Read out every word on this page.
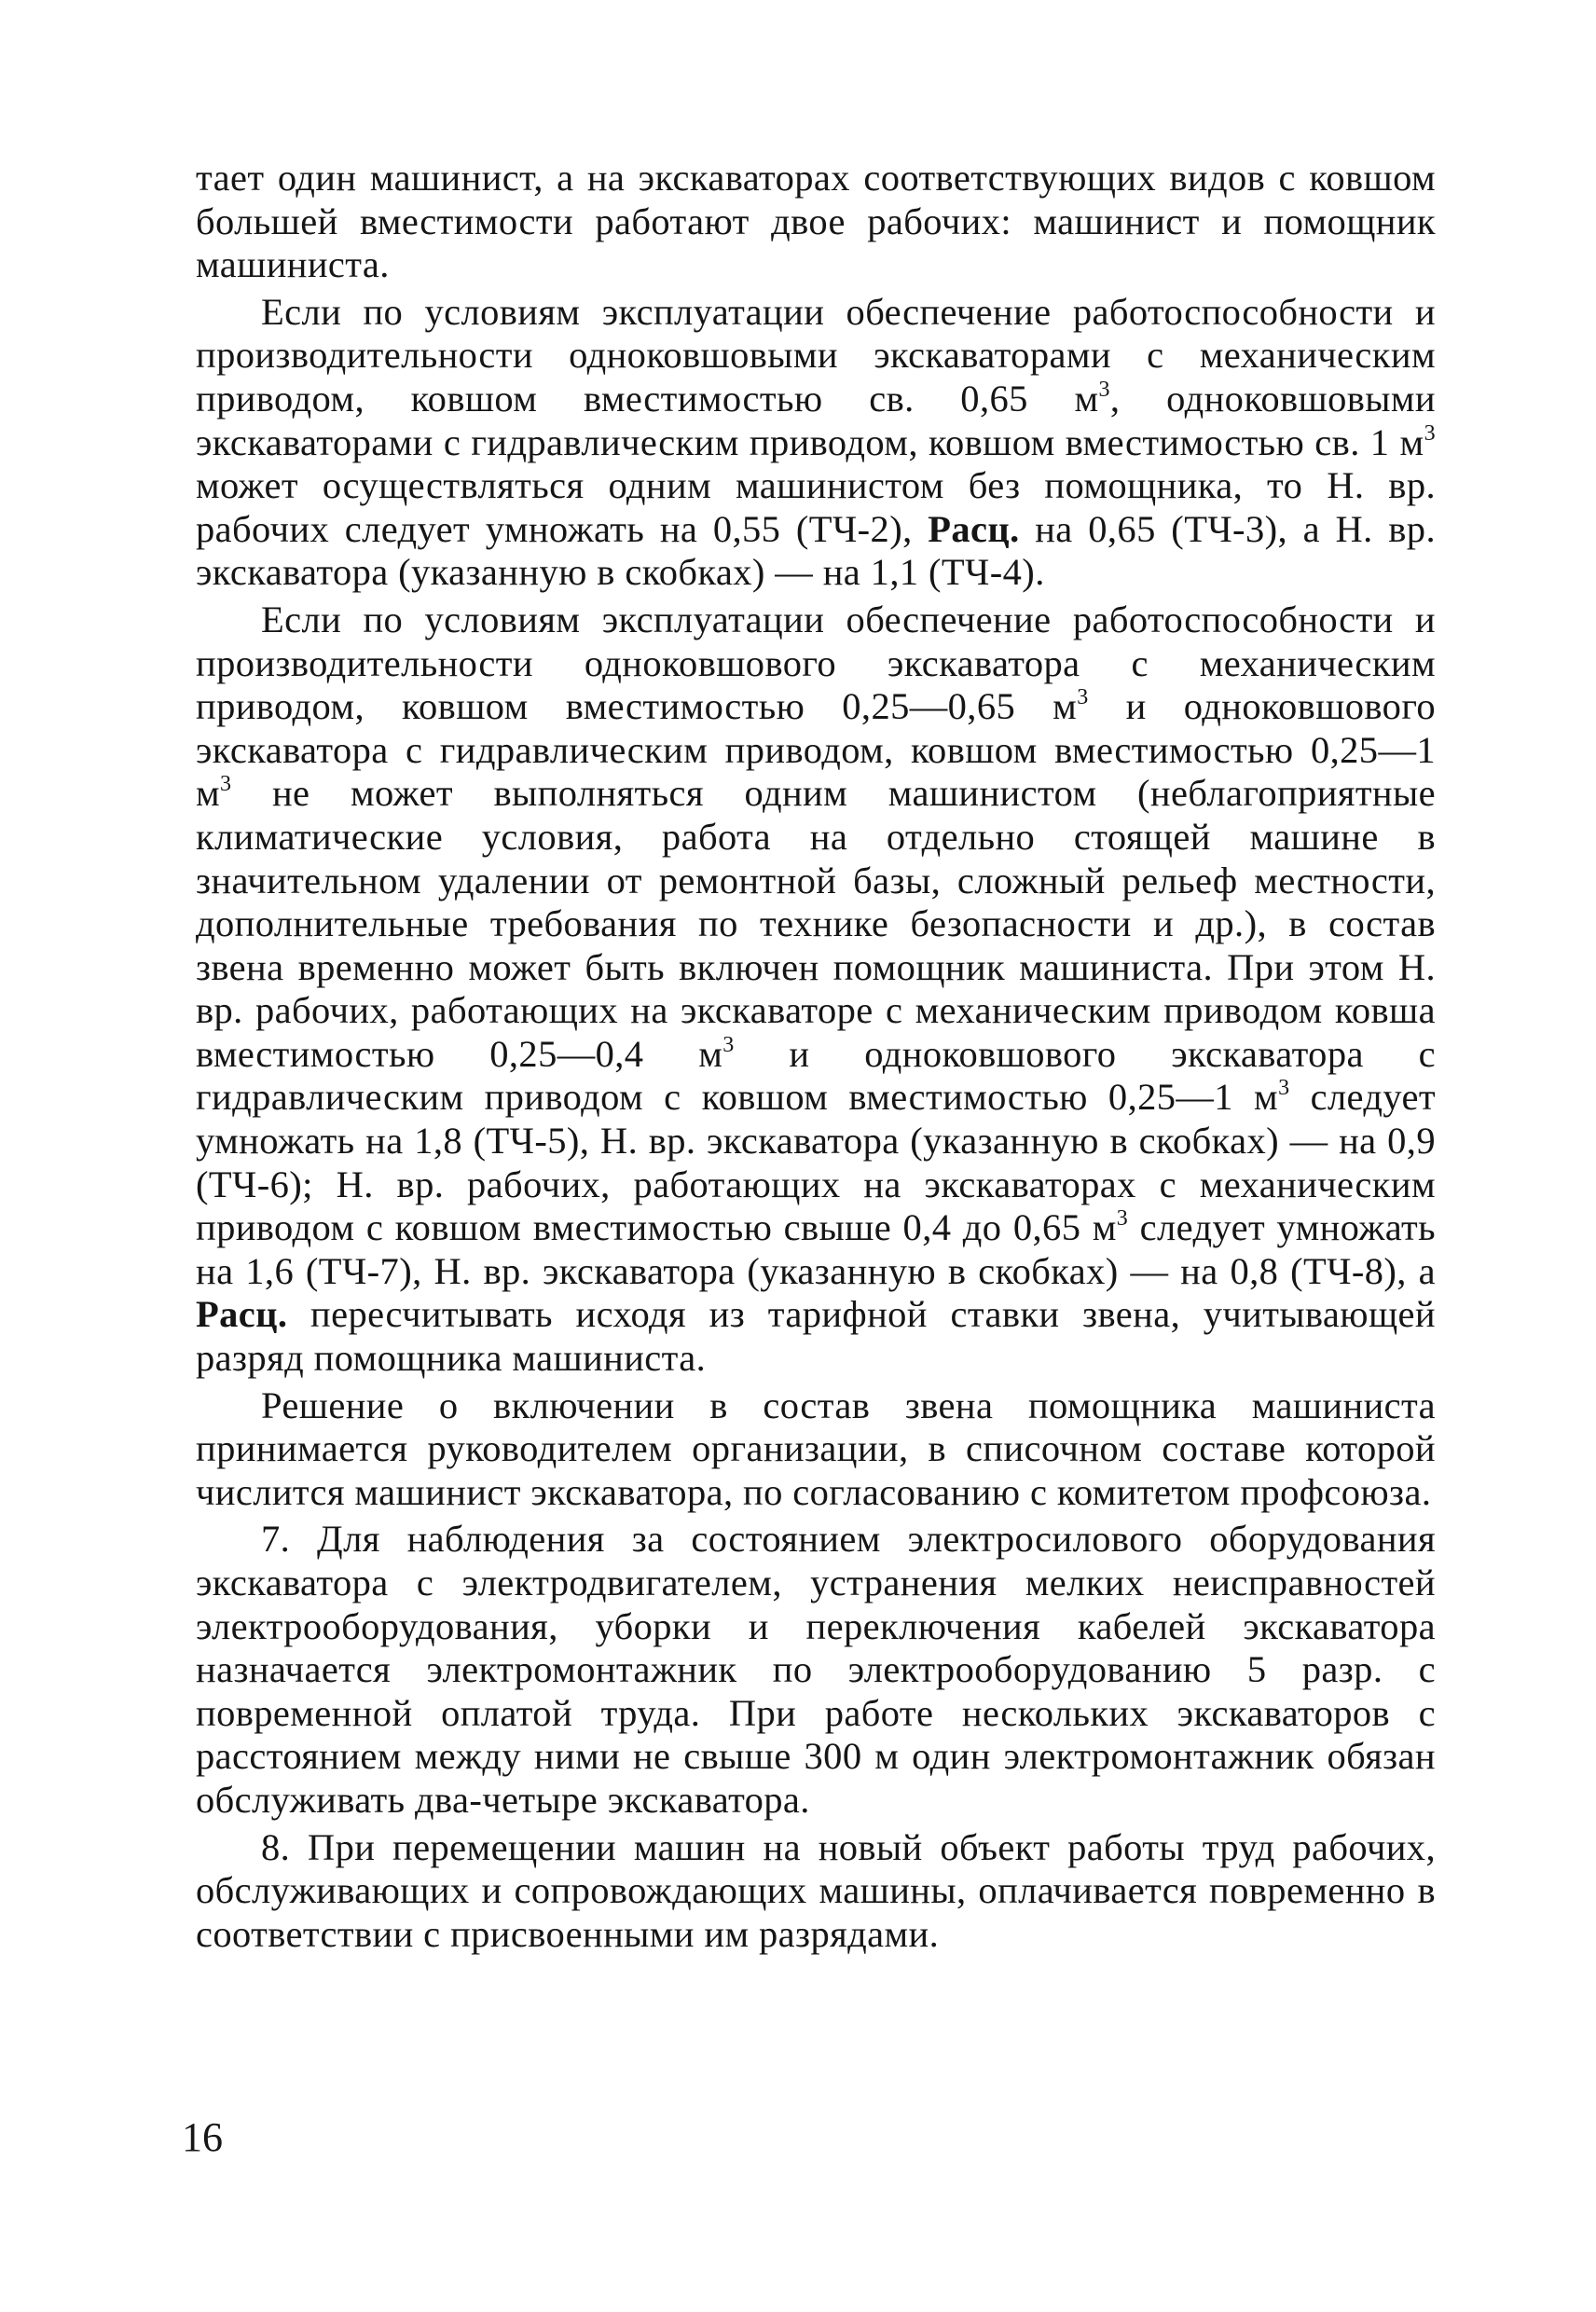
тает один машинист, а на экскаваторах соответствующих видов с ковшом большей вместимости работают двое рабочих: машинист и помощник машиниста.

Если по условиям эксплуатации обеспечение работоспособности и производительности одноковшовыми экскаваторами с механическим приводом, ковшом вместимостью св. 0,65 $м^3$, одноковшовыми экскаваторами с гидравлическим приводом, ковшом вместимостью св. 1 $м^3$ может осуществляться одним машинистом без помощника, то Н. вр. рабочих следует умножать на 0,55 (ТЧ-2), Расц. на 0,65 (ТЧ-3), а Н. вр. экскаватора (указанную в скобках) — на 1,1 (ТЧ-4).

Если по условиям эксплуатации обеспечение работоспособности и производительности одноковшового экскаватора с механическим приводом, ковшом вместимостью 0,25—0,65 $м^3$ и одноковшового экскаватора с гидравлическим приводом, ковшом вместимостью 0,25—1 $м^3$ не может выполняться одним машинистом (неблагоприятные климатические условия, работа на отдельно стоящей машине в значительном удалении от ремонтной базы, сложный рельеф местности, дополнительные требования по технике безопасности и др.), в состав звена временно может быть включен помощник машиниста. При этом Н. вр. рабочих, работающих на экскаваторе с механическим приводом ковша вместимостью 0,25—0,4 $м^3$ и одноковшового экскаватора с гидравлическим приводом с ковшом вместимостью 0,25—1 $м^3$ следует умножать на 1,8 (ТЧ-5), Н. вр. экскаватора (указанную в скобках) — на 0,9 (ТЧ-6); Н. вр. рабочих, работающих на экскаваторах с механическим приводом с ковшом вместимостью свыше 0,4 до 0,65 $м^3$ следует умножать на 1,6 (ТЧ-7), Н. вр. экскаватора (указанную в скобках) — на 0,8 (ТЧ-8), а Расц. пересчитывать исходя из тарифной ставки звена, учитывающей разряд помощника машиниста.

Решение о включении в состав звена помощника машиниста принимается руководителем организации, в списочном составе которой числится машинист экскаватора, по согласованию с комитетом профсоюза.

7. Для наблюдения за состоянием электросилового оборудования экскаватора с электродвигателем, устранения мелких неисправностей электрооборудования, уборки и переключения кабелей экскаватора назначается электромонтажник по электрооборудованию 5 разр. с повременной оплатой труда. При работе нескольких экскаваторов с расстоянием между ними не свыше 300 м один электромонтажник обязан обслуживать два-четыре экскаватора.

8. При перемещении машин на новый объект работы труд рабочих, обслуживающих и сопровождающих машины, оплачивается повременно в соответствии с присвоенными им разрядами.

16
